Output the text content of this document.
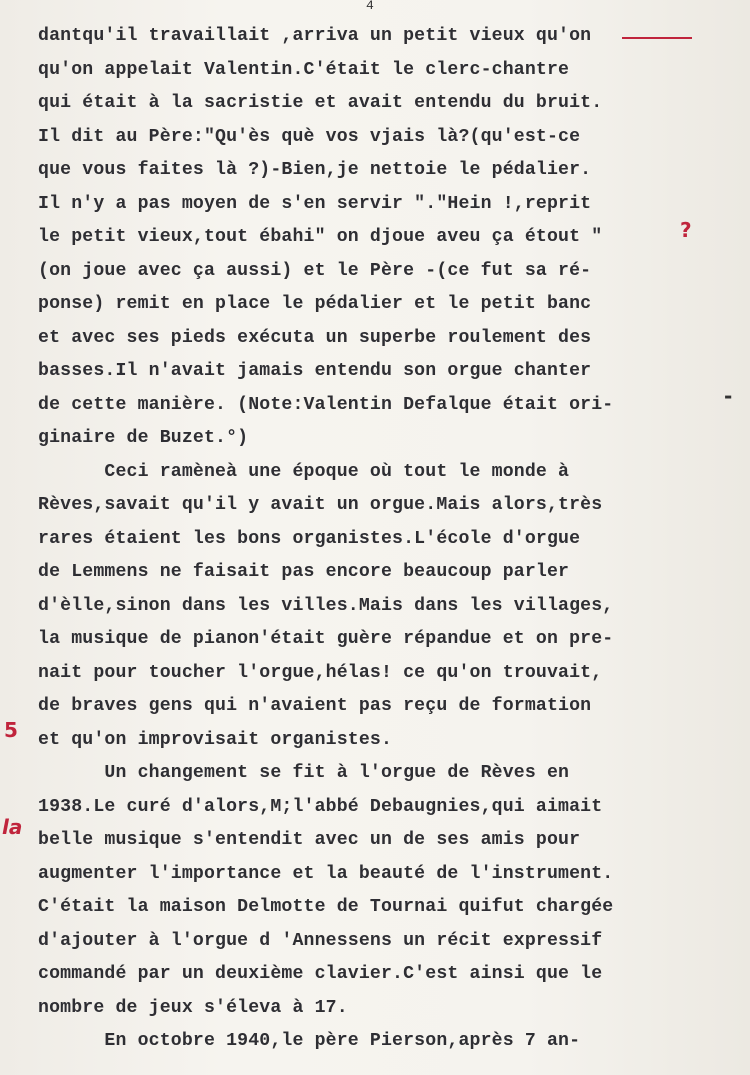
4
dantqu'il travaillait ,arriva un petit vieux qu'on
qu'on appelait Valentin.C'était le clerc-chantre
qui était à la sacristie et avait entendu du bruit.
Il dit au Père:"Qu'ès què vos vjais là?(qu'est-ce
que vous faites là ?)-Bien,je nettoie le pédalier.
Il n'y a pas moyen de s'en servir "."Hein !,reprit
le petit vieux,tout ébahi" on djoue aveu ça étout "
(on joue avec ça aussi) et le Père -(ce fut sa ré-
ponse) remit en place le pédalier et le petit banc
et avec ses pieds exécuta un superbe roulement des
basses.Il n'avait jamais entendu son orgue chanter
de cette manière. (Note:Valentin Defalque était ori-
ginaire de Buzet.°)
Ceci ramèneà une époque où tout le monde à
Rèves,savait qu'il y avait un orgue.Mais alors,très
rares étaient les bons organistes.L'école d'orgue
de Lemmens ne faisait pas encore beaucoup parler
d'èlle,sinon dans les villes.Mais dans les villages,
la musique de pianon'était guère répandue et on pre-
nait pour toucher l'orgue,hélas! ce qu'on trouvait,
de braves gens qui n'avaient pas reçu de formation
et qu'on improvisait organistes.
Un changement se fit à l'orgue de Rèves en
1938.Le curé d'alors,M;l'abbé Debaugnies,qui aimait
belle musique s'entendit avec un de ses amis pour
augmenter l'importance et la beauté de l'instrument.
C'était la maison Delmotte de Tournai quifut chargée
d'ajouter à l'orgue d 'Annessens un récit expressif
commandé par un deuxième clavier.C'est ainsi que le
nombre de jeux s'éleva à 17.
En octobre 1940,le père Pierson,après 7 an-
5
la
?
-
